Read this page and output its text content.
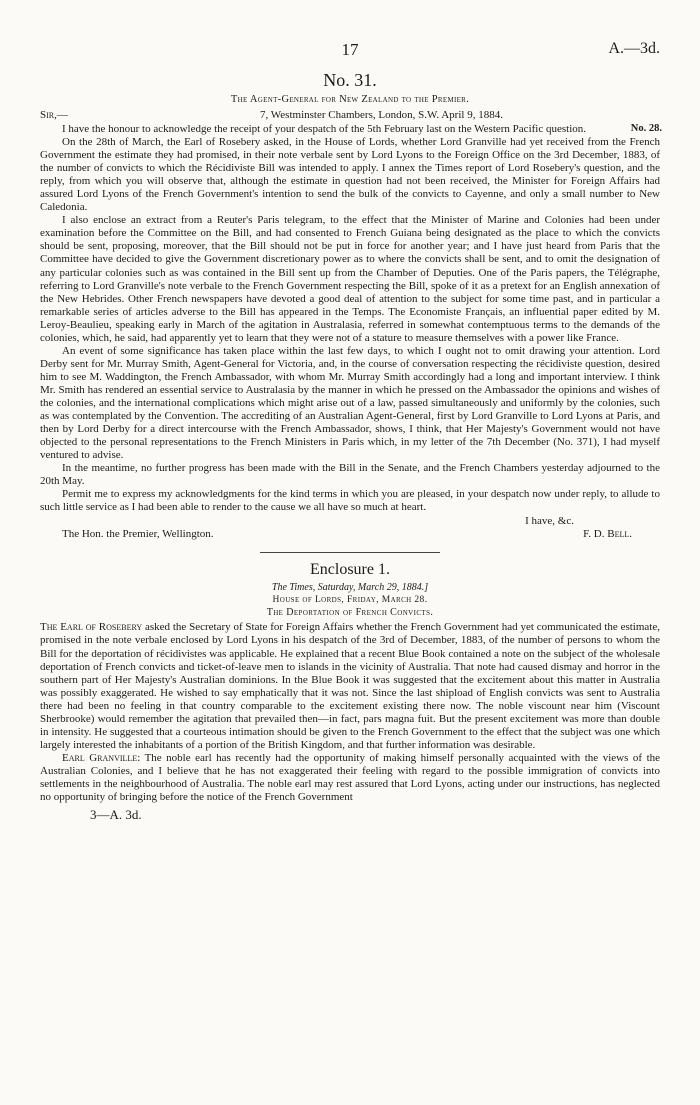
17	A.—3d.
No. 31.
The Agent-General for New Zealand to the Premier.
Sir,—	7, Westminster Chambers, London, S.W. April 9, 1884.

I have the honour to acknowledge the receipt of your despatch of the 5th February last on the Western Pacific question.	No. 28.

On the 28th of March, the Earl of Rosebery asked, in the House of Lords, whether Lord Granville had yet received from the French Government the estimate they had promised, in their note verbale sent by Lord Lyons to the Foreign Office on the 3rd December, 1883, of the number of convicts to which the Récidiviste Bill was intended to apply. I annex the Times report of Lord Rosebery's question, and the reply, from which you will observe that, although the estimate in question had not been received, the Minister for Foreign Affairs had assured Lord Lyons of the French Government's intention to send the bulk of the convicts to Cayenne, and only a small number to New Caledonia.

I also enclose an extract from a Reuter's Paris telegram, to the effect that the Minister of Marine and Colonies had been under examination before the Committee on the Bill, and had consented to French Guiana being designated as the place to which the convicts should be sent, proposing, moreover, that the Bill should not be put in force for another year; and I have just heard from Paris that the Committee have decided to give the Government discretionary power as to where the convicts shall be sent, and to omit the designation of any particular colonies such as was contained in the Bill sent up from the Chamber of Deputies. One of the Paris papers, the Télégraphe, referring to Lord Granville's note verbale to the French Government respecting the Bill, spoke of it as a pretext for an English annexation of the New Hebrides. Other French newspapers have devoted a good deal of attention to the subject for some time past, and in particular a remarkable series of articles adverse to the Bill has appeared in the Temps. The Economiste Français, an influential paper edited by M. Leroy-Beaulieu, speaking early in March of the agitation in Australasia, referred in somewhat contemptuous terms to the demands of the colonies, which, he said, had apparently yet to learn that they were not of a stature to measure themselves with a power like France.

An event of some significance has taken place within the last few days, to which I ought not to omit drawing your attention. Lord Derby sent for Mr. Murray Smith, Agent-General for Victoria, and, in the course of conversation respecting the récidiviste question, desired him to see M. Waddington, the French Ambassador, with whom Mr. Murray Smith accordingly had a long and important interview. I think Mr. Smith has rendered an essential service to Australasia by the manner in which he pressed on the Ambassador the opinions and wishes of the colonies, and the international complications which might arise out of a law, passed simultaneously and uniformly by the colonies, such as was contemplated by the Convention. The accrediting of an Australian Agent-General, first by Lord Granville to Lord Lyons at Paris, and then by Lord Derby for a direct intercourse with the French Ambassador, shows, I think, that Her Majesty's Government would not have objected to the personal representations to the French Ministers in Paris which, in my letter of the 7th December (No. 371), I had myself ventured to advise.

In the meantime, no further progress has been made with the Bill in the Senate, and the French Chambers yesterday adjourned to the 20th May.

Permit me to express my acknowledgments for the kind terms in which you are pleased, in your despatch now under reply, to allude to such little service as I had been able to render to the cause we all have so much at heart.

I have, &c.
The Hon. the Premier, Wellington.	F. D. Bell.
Enclosure 1.
The Times, Saturday, March 29, 1884.]
House of Lords, Friday, March 28.
The Deportation of French Convicts.

The Earl of Rosebery asked the Secretary of State for Foreign Affairs whether the French Government had yet communicated the estimate, promised in the note verbale enclosed by Lord Lyons in his despatch of the 3rd of December, 1883, of the number of persons to whom the Bill for the deportation of récidivistes was applicable. He explained that a recent Blue Book contained a note on the subject of the wholesale deportation of French convicts and ticket-of-leave men to islands in the vicinity of Australia. That note had caused dismay and horror in the southern part of Her Majesty's Australian dominions. In the Blue Book it was suggested that the excitement about this matter in Australia was possibly exaggerated. He wished to say emphatically that it was not. Since the last shipload of English convicts was sent to Australia there had been no feeling in that country comparable to the excitement existing there now. The noble viscount near him (Viscount Sherbrooke) would remember the agitation that prevailed then—in fact, pars magna fuit. But the present excitement was more than double in intensity. He suggested that a courteous intimation should be given to the French Government to the effect that the subject was one which largely interested the inhabitants of a portion of the British Kingdom, and that further information was desirable.

Earl Granville: The noble earl has recently had the opportunity of making himself personally acquainted with the views of the Australian Colonies, and I believe that he has not exaggerated their feeling with regard to the possible immigration of convicts into settlements in the neighbourhood of Australia. The noble earl may rest assured that Lord Lyons, acting under our instructions, has neglected no opportunity of bringing before the notice of the French Government

3—A. 3d.
